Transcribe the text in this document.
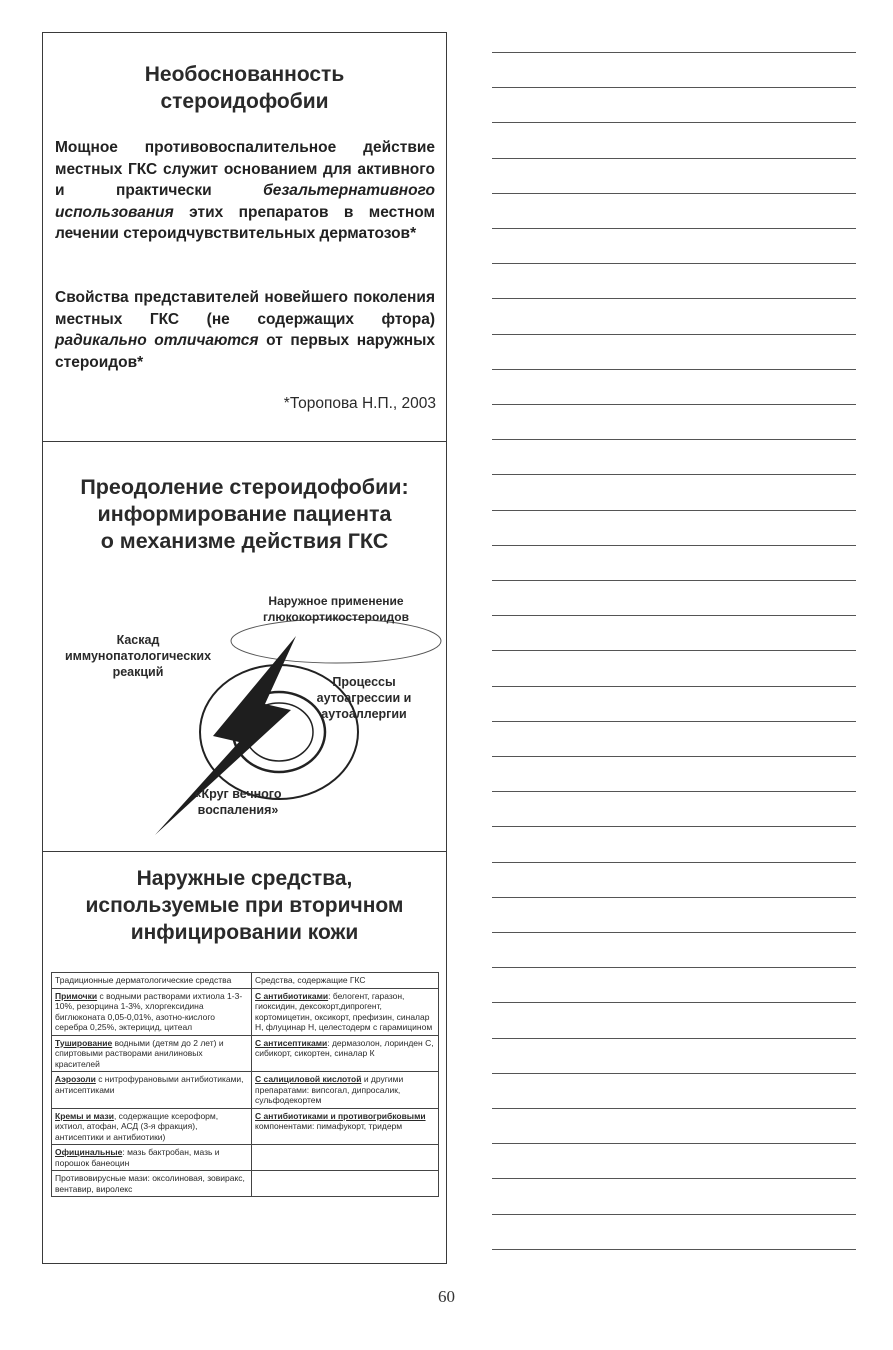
Необоснованность
стероидофобии
Мощное противовоспалительное действие местных ГКС служит основанием для активного и практически безальтернативного использования этих препаратов в местном лечении стероидчувствительных дерматозов*
Свойства представителей новейшего поколения местных ГКС (не содержащих фтора) радикально отличаются от первых наружных стероидов*
*Торопова Н.П., 2003
Преодоление стероидофобии:
информирование пациента
о механизме действия ГКС
Наружное применение
глюкокортикостероидов
Каскад
иммунопатологических
реакций
Процессы
аутоагрессии и
аутоаллергии
«Круг вечного
воспаления»
Наружные средства,
используемые при вторичном
инфицировании кожи
Традиционные дерматологические средства	Средства, содержащие ГКС
Примочки с водными растворами ихтиола 1-3-10%, резорцина 1-3%, хлоргексидина биглюконата 0,05-0,01%, азотно-кислого серебра 0,25%, эктерицид, цитеал	С антибиотиками: белогент, гаразон, гиоксидин, дексокорт,дипрогент, кортомицетин, оксикорт, префизин, синалар Н, флуцинар Н, целестодерм с гарамицином
Туширование водными (детям до 2 лет) и спиртовыми растворами анилиновых красителей	С антисептиками: дермазолон, лоринден С, сибикорт, сикортен, синалар К
Аэрозоли с нитрофурановыми антибиотиками, антисептиками	С салициловой кислотой и другими препаратами: випсогал, дипросалик, сульфодекортем
Кремы и мази, содержащие ксероформ, ихтиол, атофан, АСД (3-я фракция), антисептики и антибиотики)	С антибиотиками и противогрибковыми компонентами: пимафукорт, тридерм
Официнальные: мазь бактробан, мазь и порошок банеоцин	
Противовирусные мази: оксолиновая, зовиракс, вентавир, виролекс	
60
